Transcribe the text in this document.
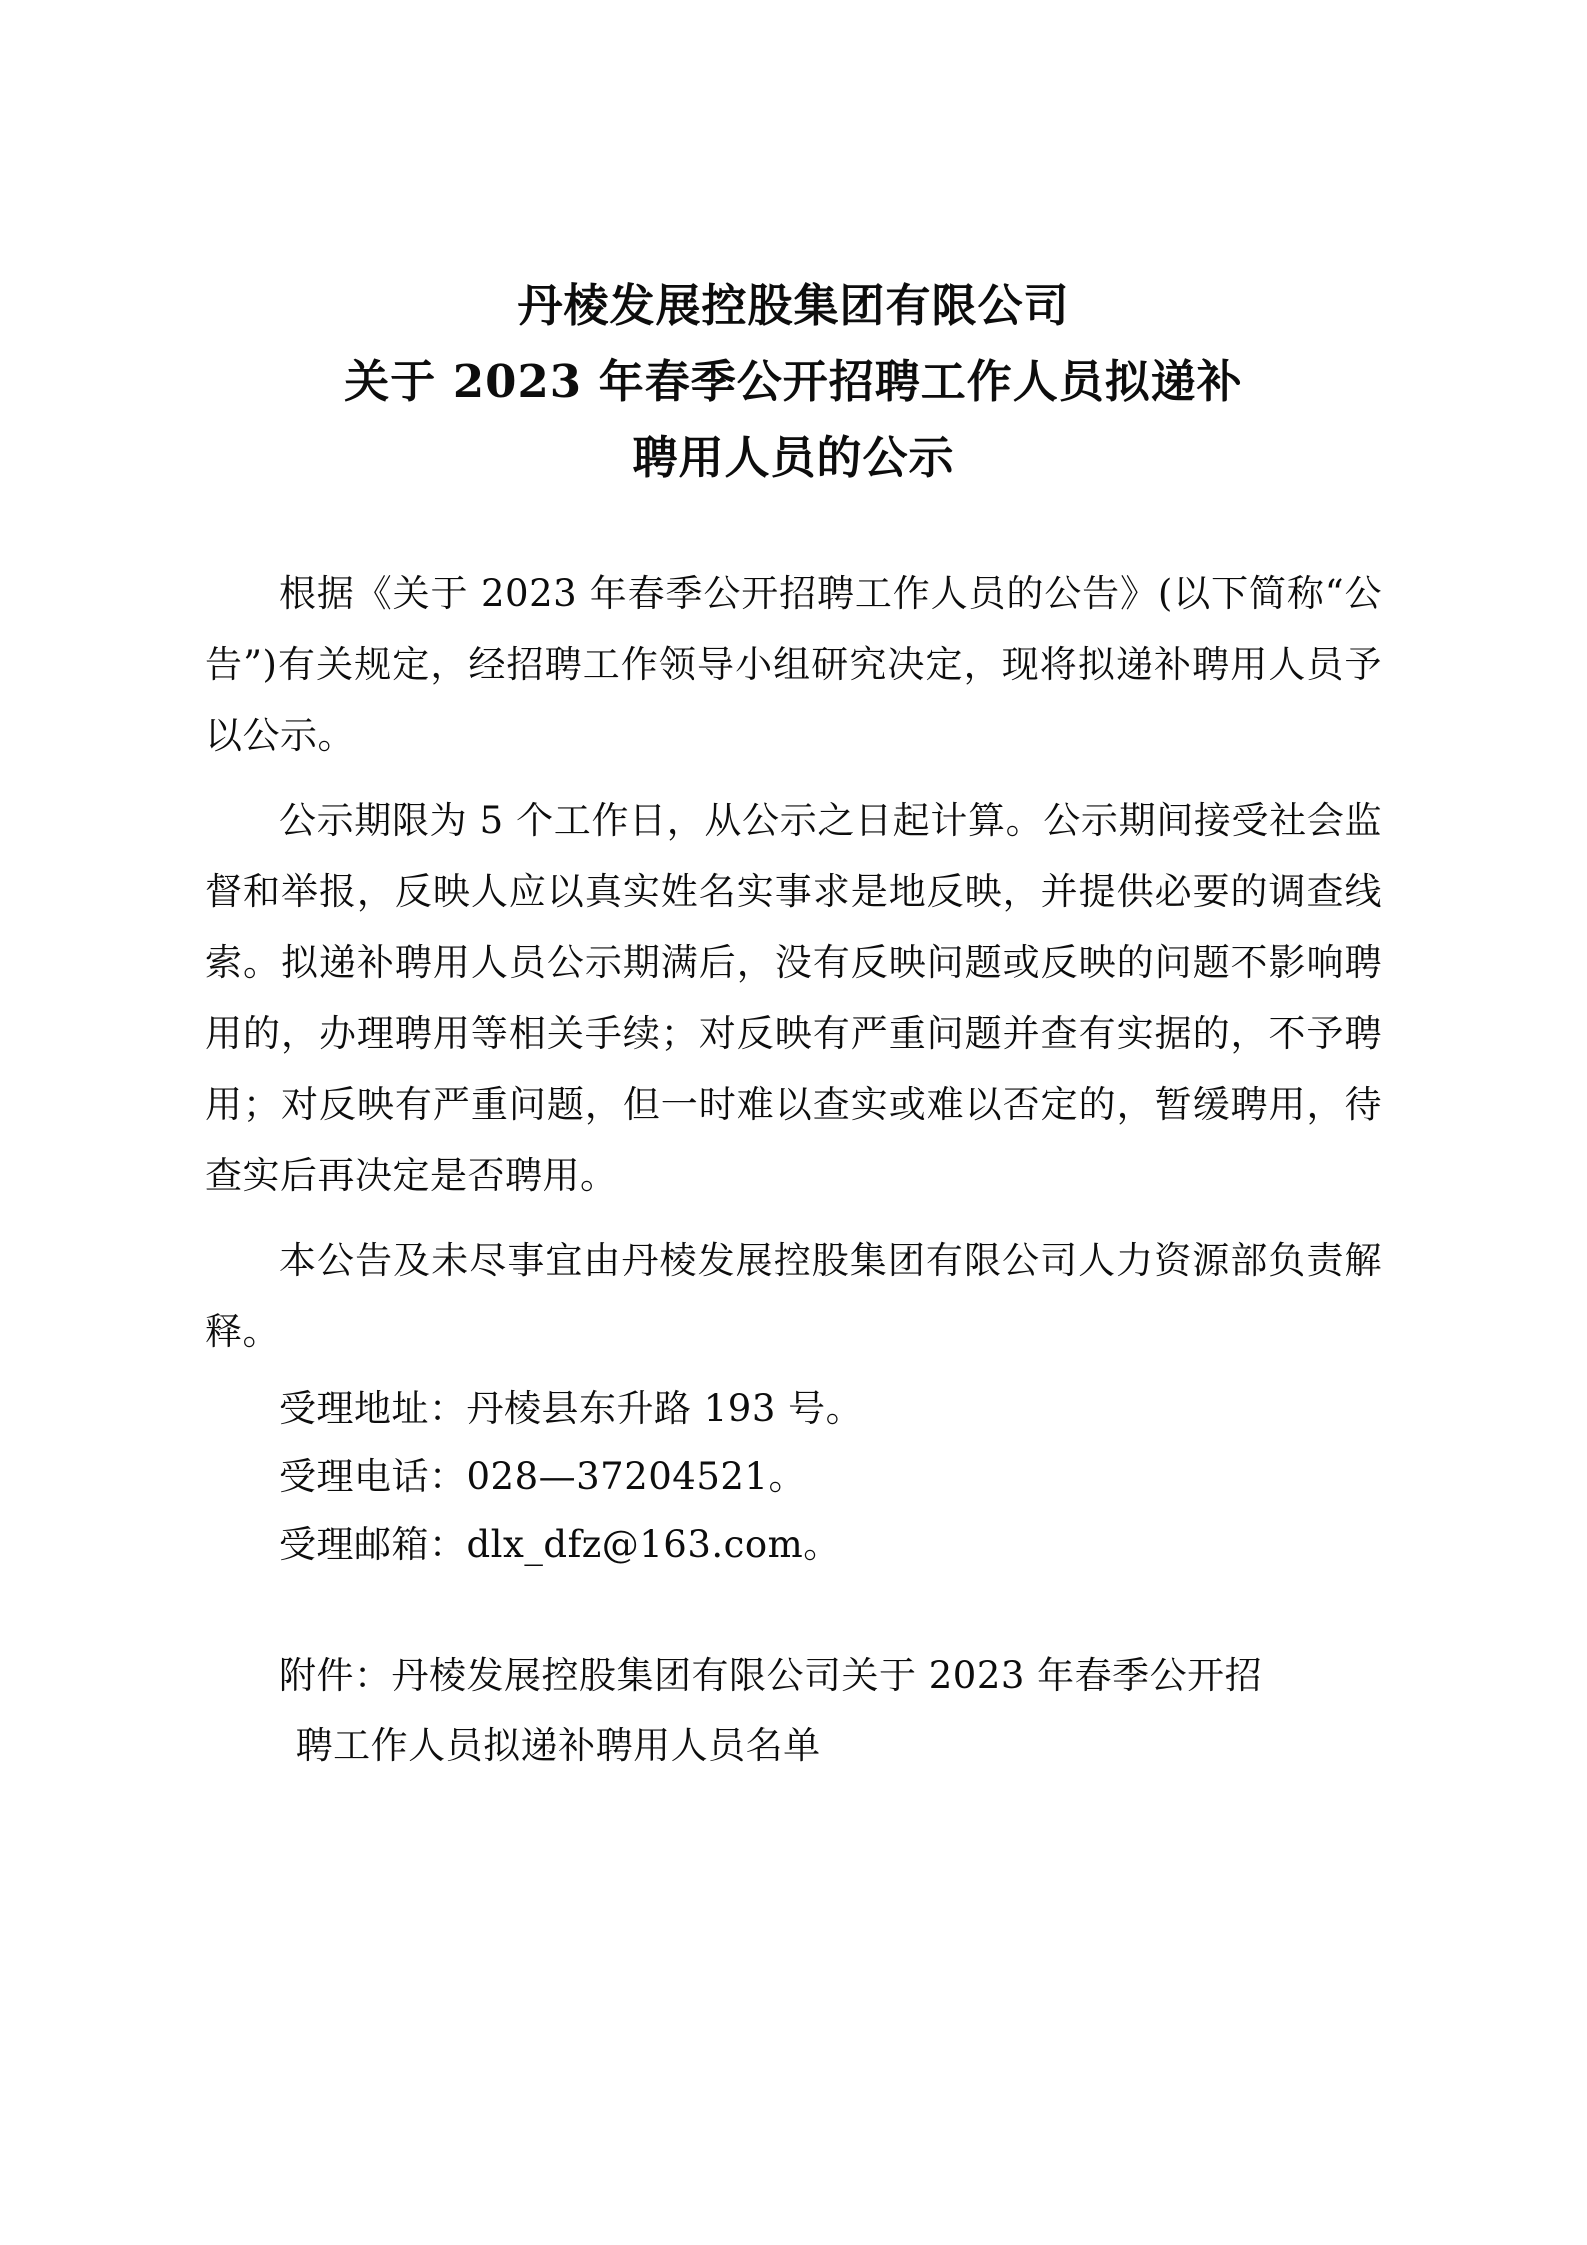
丹棱发展控股集团有限公司
关于 2023 年春季公开招聘工作人员拟递补
聘用人员的公示

根据《关于 2023 年春季公开招聘工作人员的公告》(以下简称“公告”)有关规定，经招聘工作领导小组研究决定，现将拟递补聘用人员予以公示。

公示期限为 5 个工作日，从公示之日起计算。公示期间接受社会监督和举报，反映人应以真实姓名实事求是地反映，并提供必要的调查线索。拟递补聘用人员公示期满后，没有反映问题或反映的问题不影响聘用的，办理聘用等相关手续；对反映有严重问题并查有实据的，不予聘用；对反映有严重问题，但一时难以查实或难以否定的，暂缓聘用，待查实后再决定是否聘用。

本公告及未尽事宜由丹棱发展控股集团有限公司人力资源部负责解释。

受理地址：丹棱县东升路 193 号。

受理电话：028—37204521。

受理邮箱：dlx_dfz@163.com。

附件：丹棱发展控股集团有限公司关于 2023 年春季公开招

聘工作人员拟递补聘用人员名单
